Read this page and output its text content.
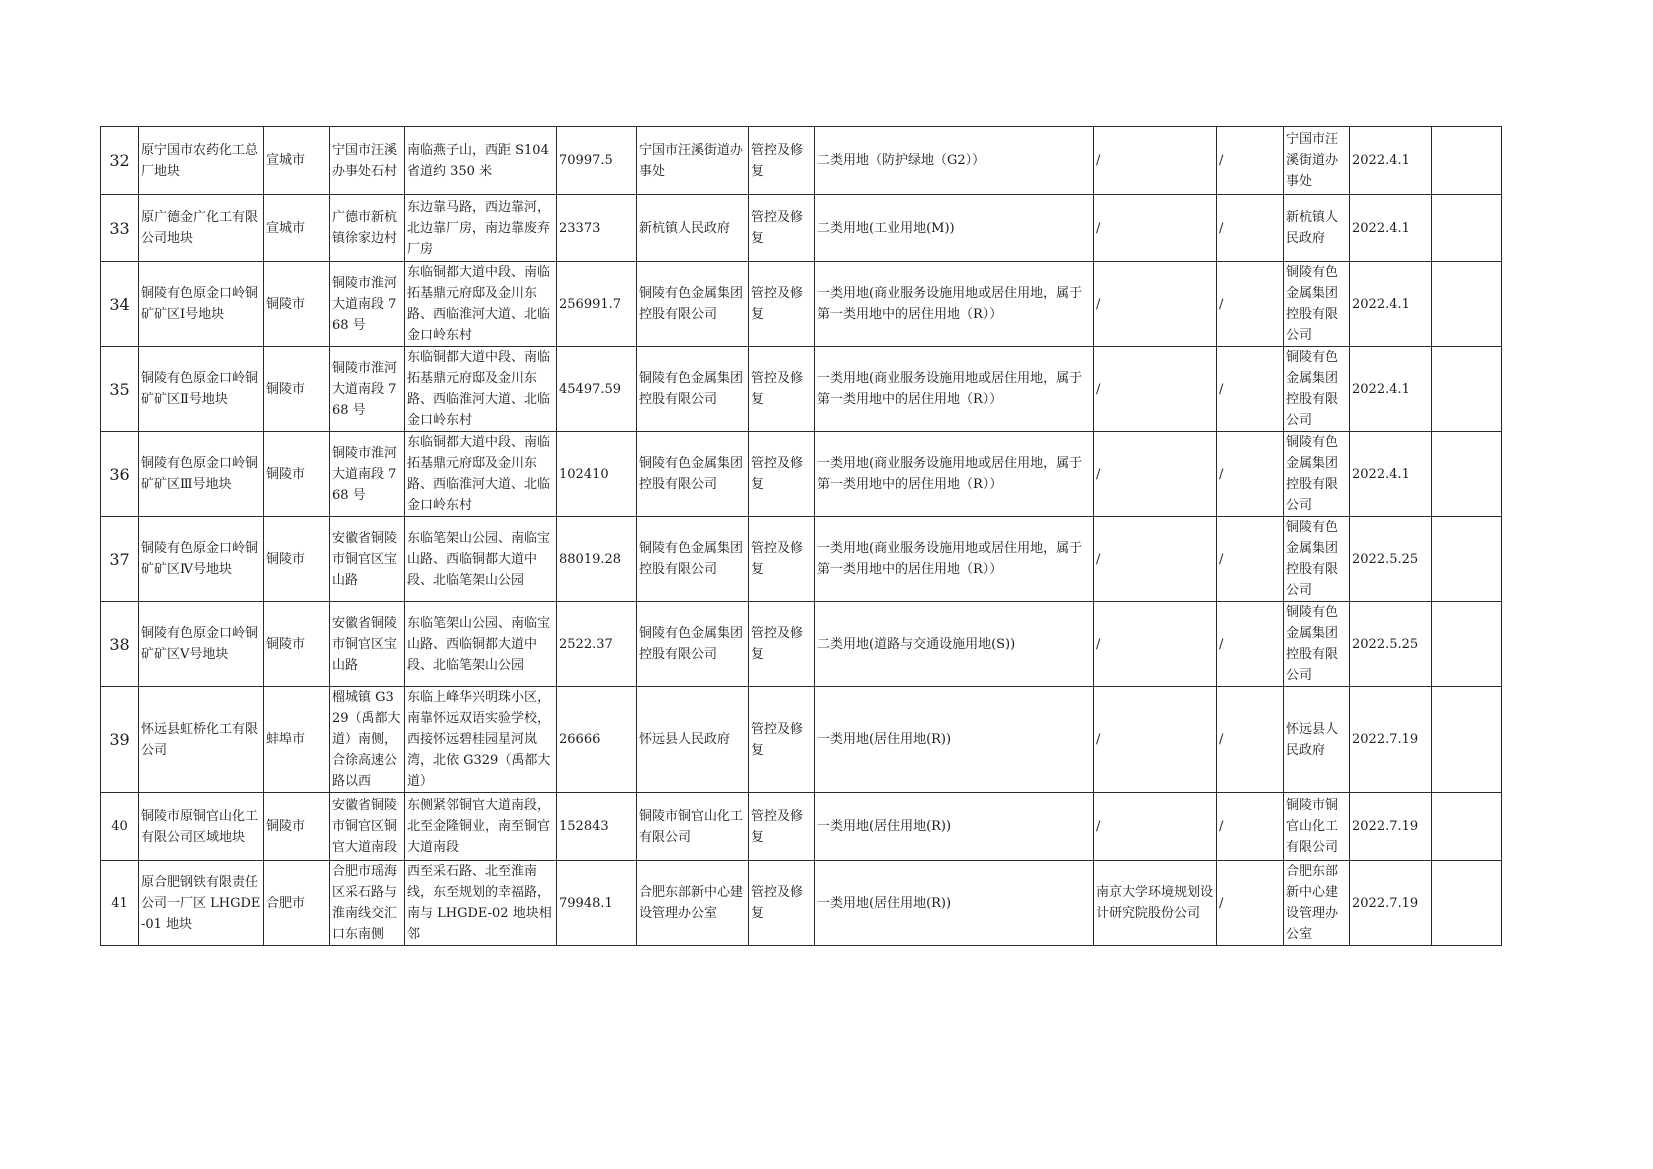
32	原宁国市农药化工总厂地块	宣城市	宁国市汪溪办事处石村	南临燕子山，西距 S104 省道约 350 米	70997.5	宁国市汪溪街道办事处	管控及修复	二类用地（防护绿地（G2））	/	/	宁国市汪溪街道办事处	2022.4.1	
33	原广德金广化工有限公司地块	宣城市	广德市新杭镇徐家边村	东边靠马路，西边靠河，北边靠厂房，南边靠废弃厂房	23373	新杭镇人民政府	管控及修复	二类用地(工业用地(M))	/	/	新杭镇人民政府	2022.4.1	
34	铜陵有色原金口岭铜矿矿区Ⅰ号地块	铜陵市	铜陵市淮河大道南段 768 号	东临铜都大道中段、南临拓基鼎元府邸及金川东路、西临淮河大道、北临金口岭东村	256991.7	铜陵有色金属集团控股有限公司	管控及修复	一类用地(商业服务设施用地或居住用地，属于第一类用地中的居住用地（R））	/	/	铜陵有色金属集团控股有限公司	2022.4.1	
35	铜陵有色原金口岭铜矿矿区Ⅱ号地块	铜陵市	铜陵市淮河大道南段 768 号	东临铜都大道中段、南临拓基鼎元府邸及金川东路、西临淮河大道、北临金口岭东村	45497.59	铜陵有色金属集团控股有限公司	管控及修复	一类用地(商业服务设施用地或居住用地，属于第一类用地中的居住用地（R））	/	/	铜陵有色金属集团控股有限公司	2022.4.1	
36	铜陵有色原金口岭铜矿矿区Ⅲ号地块	铜陵市	铜陵市淮河大道南段 768 号	东临铜都大道中段、南临拓基鼎元府邸及金川东路、西临淮河大道、北临金口岭东村	102410	铜陵有色金属集团控股有限公司	管控及修复	一类用地(商业服务设施用地或居住用地，属于第一类用地中的居住用地（R））	/	/	铜陵有色金属集团控股有限公司	2022.4.1	
37	铜陵有色原金口岭铜矿矿区Ⅳ号地块	铜陵市	安徽省铜陵市铜官区宝山路	东临笔架山公园、南临宝山路、西临铜都大道中段、北临笔架山公园	88019.28	铜陵有色金属集团控股有限公司	管控及修复	一类用地(商业服务设施用地或居住用地，属于第一类用地中的居住用地（R））	/	/	铜陵有色金属集团控股有限公司	2022.5.25	
38	铜陵有色原金口岭铜矿矿区Ⅴ号地块	铜陵市	安徽省铜陵市铜官区宝山路	东临笔架山公园、南临宝山路、西临铜都大道中段、北临笔架山公园	2522.37	铜陵有色金属集团控股有限公司	管控及修复	二类用地(道路与交通设施用地(S))	/	/	铜陵有色金属集团控股有限公司	2022.5.25	
39	怀远县虹桥化工有限公司	蚌埠市	榴城镇 G329（禹都大道）南侧，合徐高速公路以西	东临上峰华兴明珠小区，南靠怀远双语实验学校，西接怀远碧桂园星河岚湾，北依 G329（禹都大道）	26666	怀远县人民政府	管控及修复	一类用地(居住用地(R))	/	/	怀远县人民政府	2022.7.19	
40	铜陵市原铜官山化工有限公司区域地块	铜陵市	安徽省铜陵市铜官区铜官大道南段	东侧紧邻铜官大道南段，北至金隆铜业，南至铜官大道南段	152843	铜陵市铜官山化工有限公司	管控及修复	一类用地(居住用地(R))	/	/	铜陵市铜官山化工有限公司	2022.7.19	
41	原合肥钢铁有限责任公司一厂区 LHGDE-01 地块	合肥市	合肥市瑶海区采石路与淮南线交汇口东南侧	西至采石路、北至淮南线，东至规划的幸福路，南与 LHGDE-02 地块相邻	79948.1	合肥东部新中心建设管理办公室	管控及修复	一类用地(居住用地(R))	南京大学环境规划设计研究院股份公司	/	合肥东部新中心建设管理办公室	2022.7.19	
